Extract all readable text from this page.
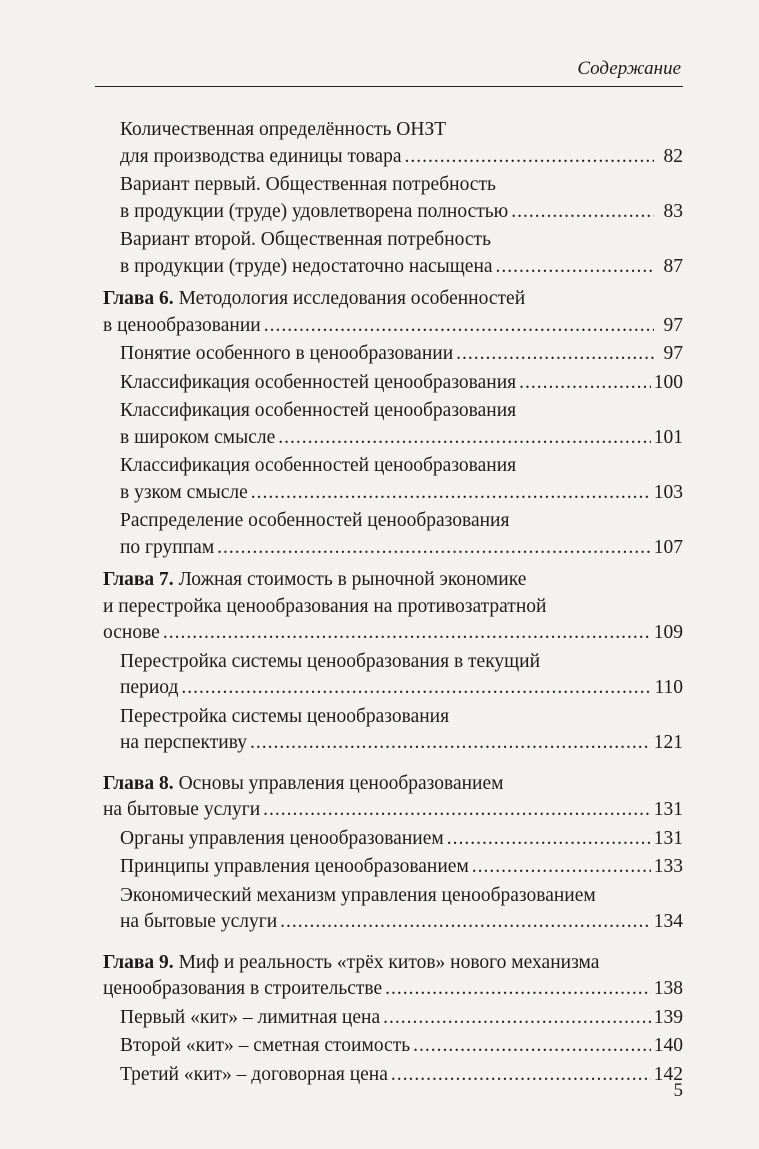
Содержание
Количественная определённость ОНЗТ
для производства единицы товара .....	82
Вариант первый. Общественная потребность
в продукции (труде) удовлетворена полностью .....	83
Вариант второй. Общественная потребность
в продукции (труде) недостаточно насыщена .....	87
Глава 6. Методология исследования особенностей
в ценообразовании .....	97
Понятие особенного в ценообразовании .....	97
Классификация особенностей ценообразования .....	100
Классификация особенностей ценообразования
в широком смысле .....	101
Классификация особенностей ценообразования
в узком смысле .....	103
Распределение особенностей ценообразования
по группам .....	107
Глава 7. Ложная стоимость в рыночной экономике
и перестройка ценообразования на противозатратной
основе .....	109
Перестройка системы ценообразования в текущий
период .....	110
Перестройка системы ценообразования
на перспективу .....	121
Глава 8. Основы управления ценообразованием
на бытовые услуги .....	131
Органы управления ценообразованием .....	131
Принципы управления ценообразованием .....	133
Экономический механизм управления ценообразованием
на бытовые услуги .....	134
Глава 9. Миф и реальность «трёх китов» нового механизма
ценообразования в строительстве .....	138
Первый «кит» – лимитная цена .....	139
Второй «кит» – сметная стоимость .....	140
Третий «кит» – договорная цена .....	142
5
